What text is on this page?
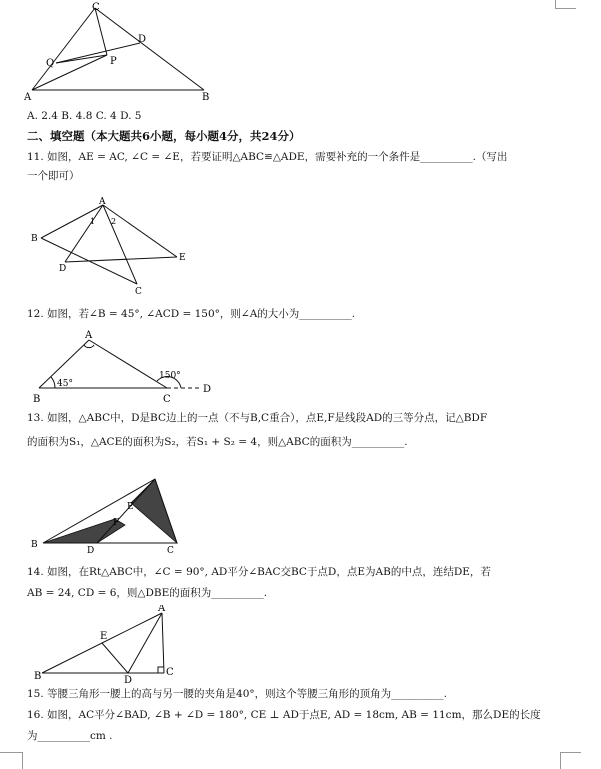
C
D
Q	P
A	B
A. 2.4 B. 4.8 C. 4 D. 5
二、填空题（本大题共6小题，每小题4分，共24分）
11. 如图，AE = AC, ∠C = ∠E，若要证明△ABC≌△ADE，需要补充的一个条件是__________.（写出
一个即可）
A
B
C
D
E
1 2
12. 如图，若∠B = 45°, ∠ACD = 150°，则∠A的大小为__________.
A
B	C
D
45°
150°
13. 如图，△ABC中，D是BC边上的一点（不与B,C重合），点E,F是线段AD的三等分点，记△BDF
的面积为S₁，△ACE的面积为S₂，若S₁ + S₂ = 4，则△ABC的面积为__________.
B
D	C
E
F
14. 如图，在Rt△ABC中，∠C = 90°, AD平分∠BAC交BC于点D，点E为AB的中点，连结DE，若
AB = 24, CD = 6，则△DBE的面积为__________.
A
B	C
D
E
15. 等腰三角形一腰上的高与另一腰的夹角是40°，则这个等腰三角形的顶角为__________.
16. 如图，AC平分∠BAD, ∠B + ∠D = 180°, CE ⊥ AD于点E, AD = 18cm, AB = 11cm，那么DE的长度
为__________cm .
